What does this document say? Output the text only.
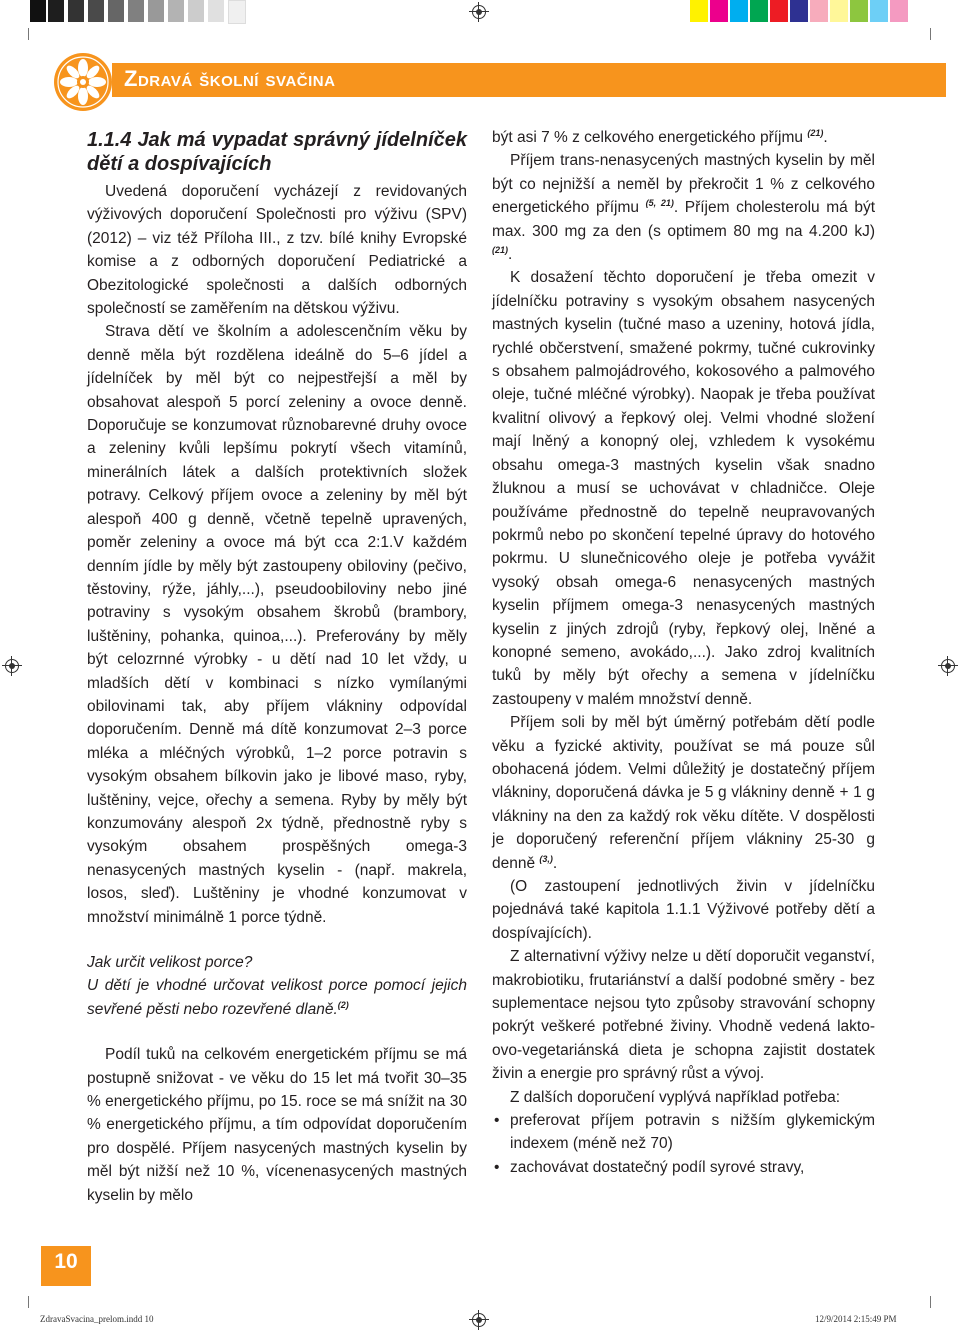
Zdravá školní svačina

1.1.4 Jak má vypadat správný jídelníček dětí a dospívajících

Uvedená doporučení vycházejí z revidovaných výživových doporučení Společnosti pro výživu (SPV) (2012) – viz též Příloha III., z tzv. bílé knihy Evropské komise a z odborných doporučení Pediatrické a Obezitologické společnosti a dalších odborných společností se zaměřením na dětskou výživu.

Strava dětí ve školním a adolescenčním věku by denně měla být rozdělena ideálně do 5–6 jídel a jídelníček by měl být co nejpestřejší a měl by obsahovat alespoň 5 porcí zeleniny a ovoce denně. Doporučuje se konzumovat různobarevné druhy ovoce a zeleniny kvůli lepšímu pokrytí všech vitamínů, minerálních látek a dalších protektivních složek potravy. Celkový příjem ovoce a zeleniny by měl být alespoň 400 g denně, včetně tepelně upravených, poměr zeleniny a ovoce má být cca 2:1.V každém denním jídle by měly být zastoupeny obiloviny (pečivo, těstoviny, rýže, jáhly,...), pseudoobiloviny nebo jiné potraviny s vysokým obsahem škrobů (brambory, luštěniny, pohanka, quinoa,...). Preferovány by měly být celozrnné výrobky - u dětí nad 10 let vždy, u mladších dětí v kombinaci s nízko vymílanými obilovinami tak, aby příjem vlákniny odpovídal doporučením. Denně má dítě konzumovat 2–3 porce mléka a mléčných výrobků, 1–2 porce potravin s vysokým obsahem bílkovin jako je libové maso, ryby, luštěniny, vejce, ořechy a semena. Ryby by měly být konzumovány alespoň 2x týdně, přednostně ryby s vysokým obsahem prospěšných omega-3 nenasycených mastných kyselin - (např. makrela, losos, sleď). Luštěniny je vhodné konzumovat v množství minimálně 1 porce týdně.

Jak určit velikost porce?

U dětí je vhodné určovat velikost porce pomocí jejich sevřené pěsti nebo rozevřené dlaně.$^{(2)}$

Podíl tuků na celkovém energetickém příjmu se má postupně snižovat - ve věku do 15 let má tvořit 30–35 % energetického příjmu, po 15. roce se má snížit na 30 % energetického příjmu, a tím odpovídat doporučením pro dospělé. Příjem nasycených mastných kyselin by měl být nižší než 10 %, vícenenasycených mastných kyselin by mělo

být asi 7 % z celkového energetického příjmu $^{(21)}$.

Příjem trans-nenasycených mastných kyselin by měl být co nejnižší a neměl by překročit 1 % z celkového energetického příjmu $^{(5, 21)}$. Příjem cholesterolu má být max. 300 mg za den (s optimem 80 mg na 4.200 kJ) $^{(21)}$.

K dosažení těchto doporučení je třeba omezit v jídelníčku potraviny s vysokým obsahem nasycených mastných kyselin (tučné maso a uzeniny, hotová jídla, rychlé občerstvení, smažené pokrmy, tučné cukrovinky s obsahem palmojádrového, kokosového a palmového oleje, tučné mléčné výrobky). Naopak je třeba používat kvalitní olivový a řepkový olej. Velmi vhodné složení mají lněný a konopný olej, vzhledem k vysokému obsahu omega-3 mastných kyselin však snadno žluknou a musí se uchovávat v chladničce. Oleje používáme přednostně do tepelně neupravovaných pokrmů nebo po skončení tepelné úpravy do hotového pokrmu. U slunečnicového oleje je potřeba vyvážit vysoký obsah omega-6 nenasycených mastných kyselin příjmem omega-3 nenasycených mastných kyselin z jiných zdrojů (ryby, řepkový olej, lněné a konopné semeno, avokádo,...). Jako zdroj kvalitních tuků by měly být ořechy a semena v jídelníčku zastoupeny v malém množství denně.

Příjem soli by měl být úměrný potřebám dětí podle věku a fyzické aktivity, používat se má pouze sůl obohacená jódem. Velmi důležitý je dostatečný příjem vlákniny, doporučená dávka je 5 g vlákniny denně + 1 g vlákniny na den za každý rok věku dítěte. V dospělosti je doporučený referenční příjem vlákniny 25-30 g denně $^{(3,)}$.

(O zastoupení jednotlivých živin v jídelníčku pojednává také kapitola 1.1.1 Výživové potřeby dětí a dospívajících).

Z alternativní výživy nelze u dětí doporučit veganství, makrobiotiku, frutariánství a další podobné směry - bez suplementace nejsou tyto způsoby stravování schopny pokrýt veškeré potřebné živiny. Vhodně vedená lakto-ovo-vegetariánská dieta je schopna zajistit dostatek živin a energie pro správný růst a vývoj.

Z dalších doporučení vyplývá například potřeba:

• preferovat příjem potravin s nižším glykemickým indexem (méně než 70)
• zachovávat dostatečný podíl syrové stravy,
10
ZdravaSvacina_prelom.indd 10	12/9/2014 2:15:49 PM
